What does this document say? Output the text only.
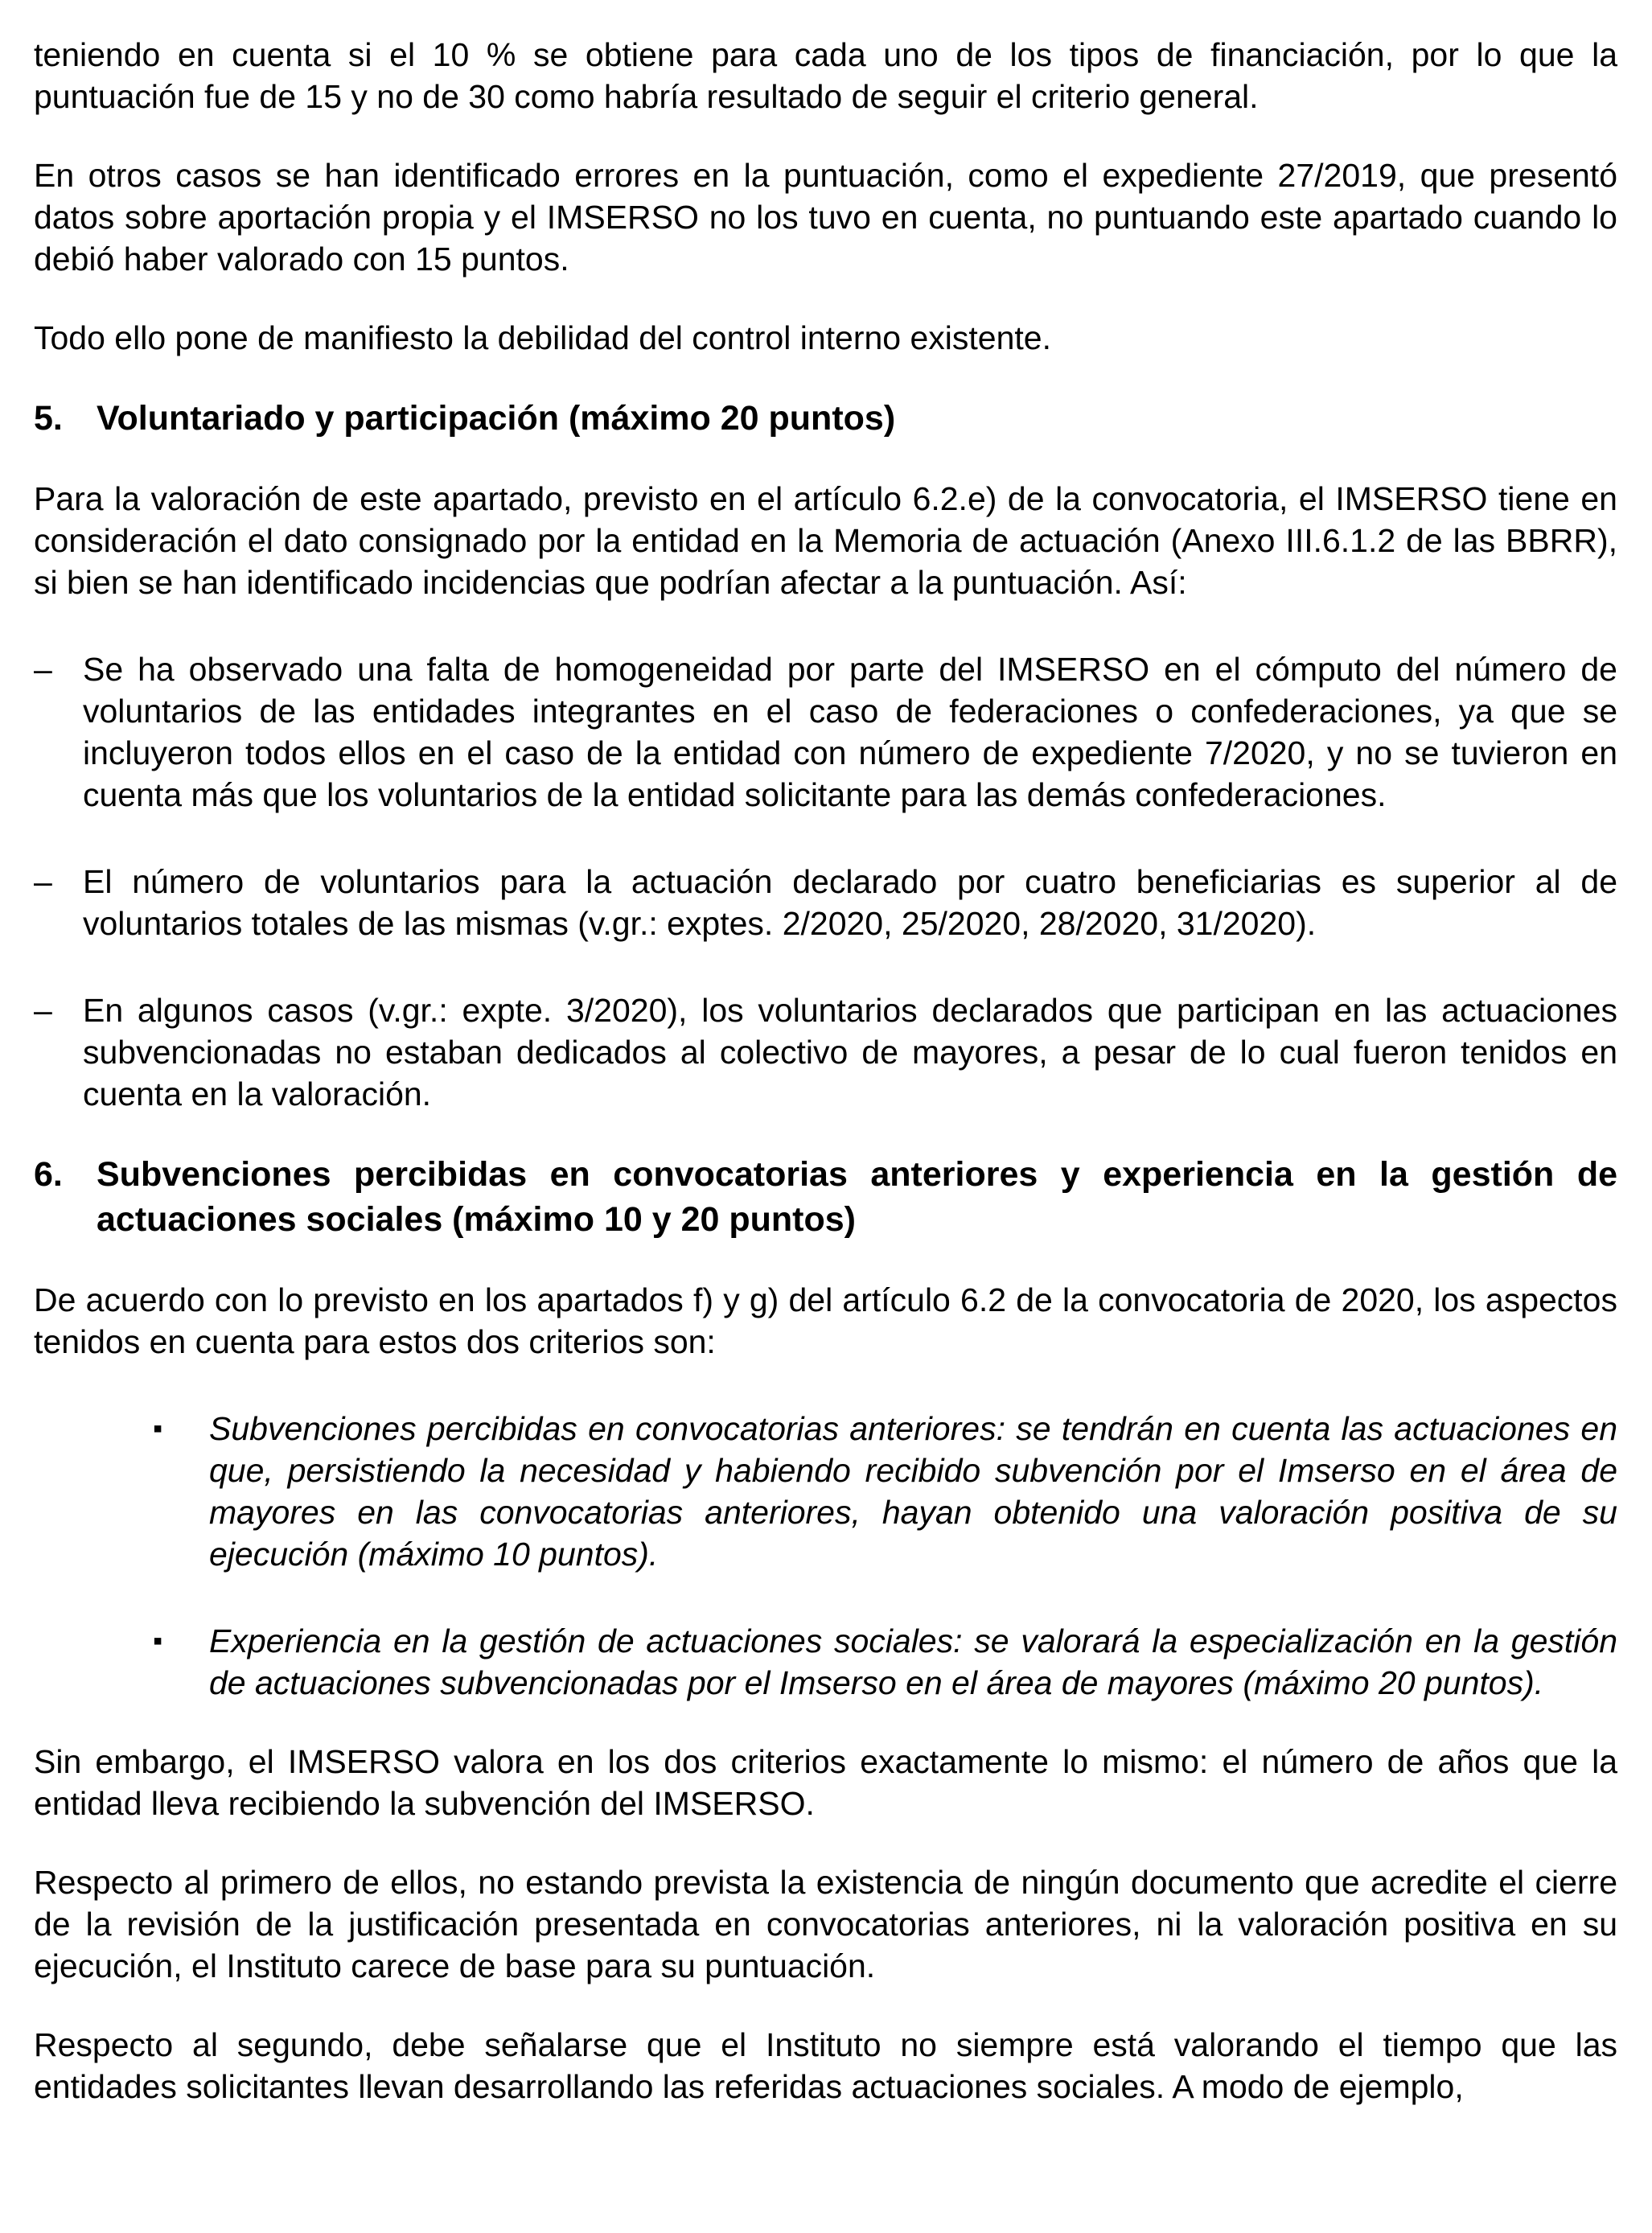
teniendo en cuenta si el 10 % se obtiene para cada uno de los tipos de financiación, por lo que la puntuación fue de 15 y no de 30 como habría resultado de seguir el criterio general.

En otros casos se han identificado errores en la puntuación, como el expediente 27/2019, que presentó datos sobre aportación propia y el IMSERSO no los tuvo en cuenta, no puntuando este apartado cuando lo debió haber valorado con 15 puntos.

Todo ello pone de manifiesto la debilidad del control interno existente.

5. Voluntariado y participación (máximo 20 puntos)

Para la valoración de este apartado, previsto en el artículo 6.2.e) de la convocatoria, el IMSERSO tiene en consideración el dato consignado por la entidad en la Memoria de actuación (Anexo III.6.1.2 de las BBRR), si bien se han identificado incidencias que podrían afectar a la puntuación. Así:

– Se ha observado una falta de homogeneidad por parte del IMSERSO en el cómputo del número de voluntarios de las entidades integrantes en el caso de federaciones o confederaciones, ya que se incluyeron todos ellos en el caso de la entidad con número de expediente 7/2020, y no se tuvieron en cuenta más que los voluntarios de la entidad solicitante para las demás confederaciones.
– El número de voluntarios para la actuación declarado por cuatro beneficiarias es superior al de voluntarios totales de las mismas (v.gr.: exptes. 2/2020, 25/2020, 28/2020, 31/2020).
– En algunos casos (v.gr.: expte. 3/2020), los voluntarios declarados que participan en las actuaciones subvencionadas no estaban dedicados al colectivo de mayores, a pesar de lo cual fueron tenidos en cuenta en la valoración.
6. Subvenciones percibidas en convocatorias anteriores y experiencia en la gestión de actuaciones sociales (máximo 10 y 20 puntos)

De acuerdo con lo previsto en los apartados f) y g) del artículo 6.2 de la convocatoria de 2020, los aspectos tenidos en cuenta para estos dos criterios son:

▪ Subvenciones percibidas en convocatorias anteriores: se tendrán en cuenta las actuaciones en que, persistiendo la necesidad y habiendo recibido subvención por el Imserso en el área de mayores en las convocatorias anteriores, hayan obtenido una valoración positiva de su ejecución (máximo 10 puntos).
▪ Experiencia en la gestión de actuaciones sociales: se valorará la especialización en la gestión de actuaciones subvencionadas por el Imserso en el área de mayores (máximo 20 puntos).

Sin embargo, el IMSERSO valora en los dos criterios exactamente lo mismo: el número de años que la entidad lleva recibiendo la subvención del IMSERSO.

Respecto al primero de ellos, no estando prevista la existencia de ningún documento que acredite el cierre de la revisión de la justificación presentada en convocatorias anteriores, ni la valoración positiva en su ejecución, el Instituto carece de base para su puntuación.

Respecto al segundo, debe señalarse que el Instituto no siempre está valorando el tiempo que las entidades solicitantes llevan desarrollando las referidas actuaciones sociales. A modo de ejemplo,
